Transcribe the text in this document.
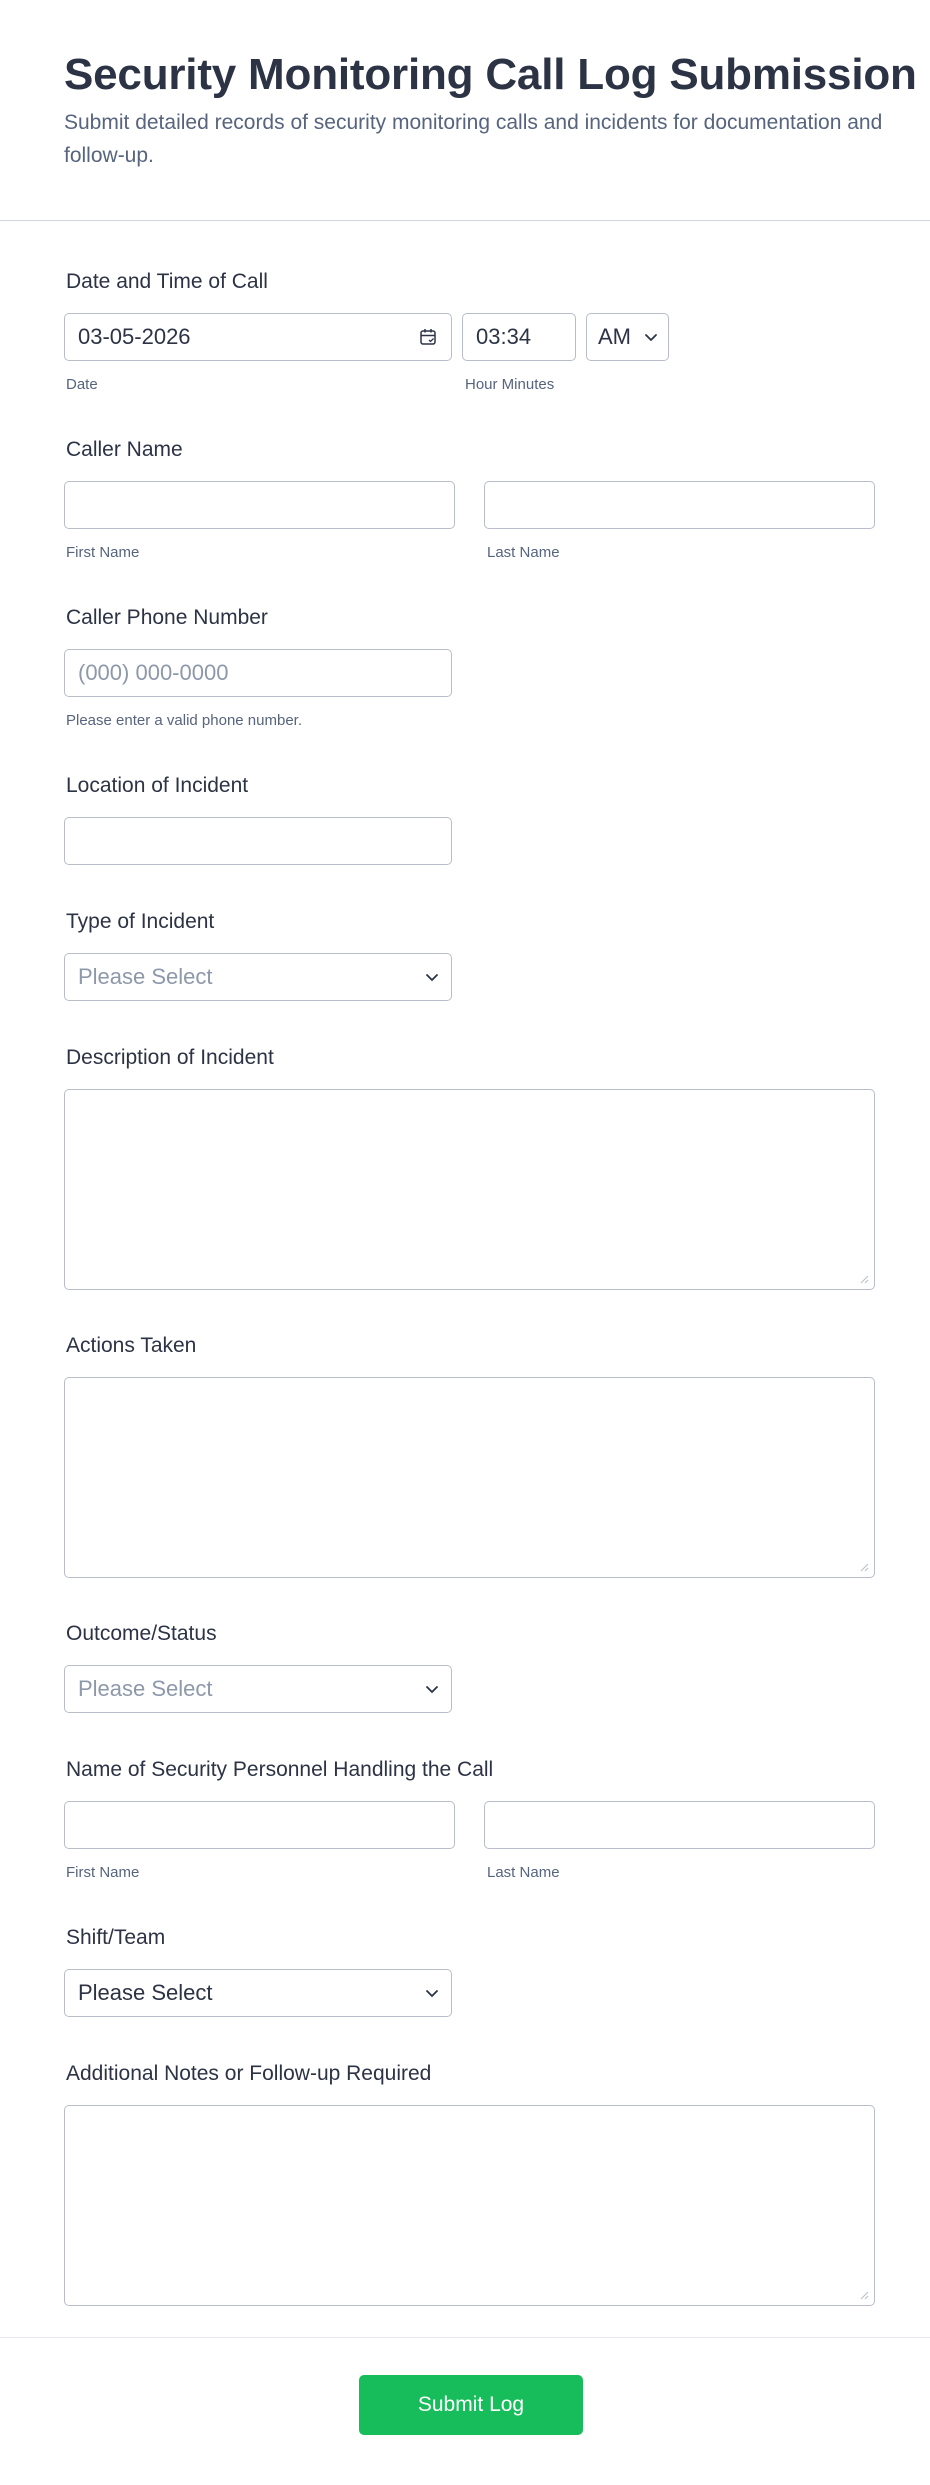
Security Monitoring Call Log Submission
Submit detailed records of security monitoring calls and incidents for documentation and follow-up.
Date and Time of Call
03-05-2026
Date
03:34
Hour Minutes
AM
Caller Name
First Name	Last Name
Caller Phone Number
(000) 000-0000
Please enter a valid phone number.
Location of Incident
Type of Incident
Please Select
Description of Incident
Actions Taken
Outcome/Status
Please Select
Name of Security Personnel Handling the Call
First Name	Last Name
Shift/Team
Please Select
Additional Notes or Follow-up Required
Submit Log
